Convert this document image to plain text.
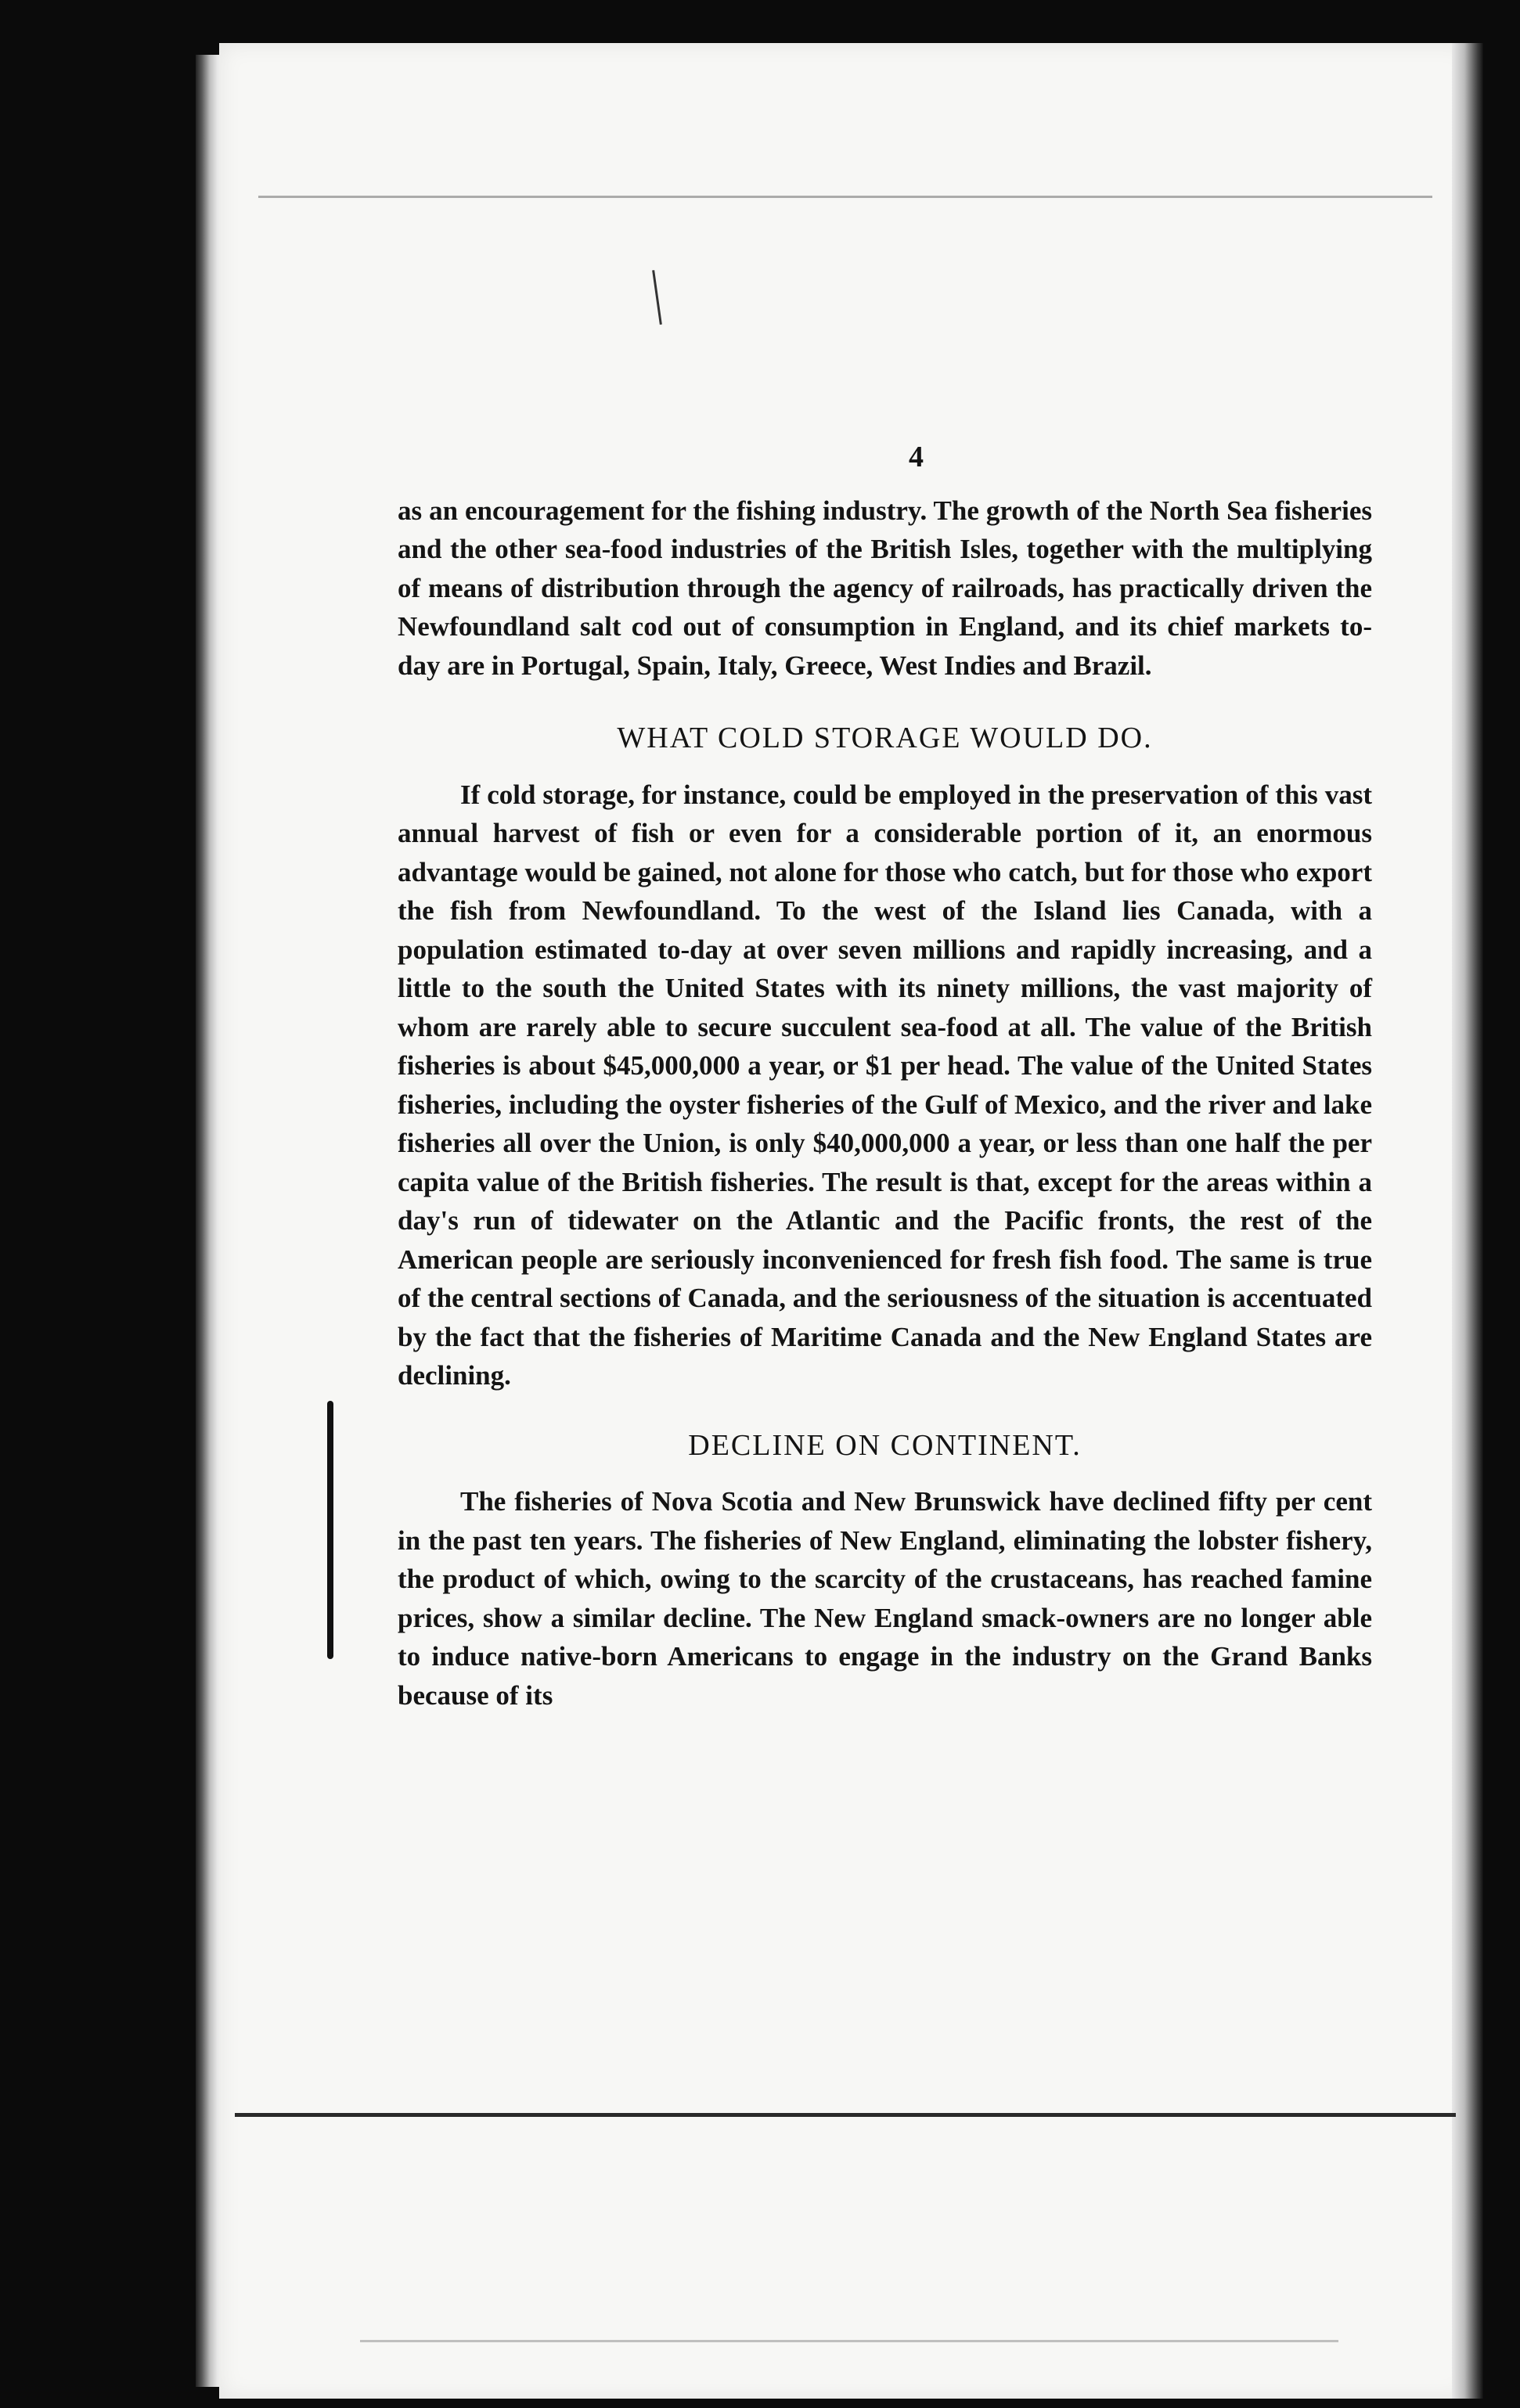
4

as an encouragement for the fishing industry. The growth of the North Sea fisheries and the other sea-food industries of the British Isles, together with the multiplying of means of distribution through the agency of railroads, has practically driven the Newfoundland salt cod out of consumption in England, and its chief markets to-day are in Portugal, Spain, Italy, Greece, West Indies and Brazil.

WHAT COLD STORAGE WOULD DO.

If cold storage, for instance, could be employed in the preservation of this vast annual harvest of fish or even for a considerable portion of it, an enormous advantage would be gained, not alone for those who catch, but for those who export the fish from Newfoundland. To the west of the Island lies Canada, with a population estimated to-day at over seven millions and rapidly increasing, and a little to the south the United States with its ninety millions, the vast majority of whom are rarely able to secure succulent sea-food at all. The value of the British fisheries is about $45,000,000 a year, or $1 per head. The value of the United States fisheries, including the oyster fisheries of the Gulf of Mexico, and the river and lake fisheries all over the Union, is only $40,000,000 a year, or less than one half the per capita value of the British fisheries. The result is that, except for the areas within a day's run of tidewater on the Atlantic and the Pacific fronts, the rest of the American people are seriously inconvenienced for fresh fish food. The same is true of the central sections of Canada, and the seriousness of the situation is accentuated by the fact that the fisheries of Maritime Canada and the New England States are declining.

DECLINE ON CONTINENT.

The fisheries of Nova Scotia and New Brunswick have declined fifty per cent in the past ten years. The fisheries of New England, eliminating the lobster fishery, the product of which, owing to the scarcity of the crustaceans, has reached famine prices, show a similar decline. The New England smack-owners are no longer able to induce native-born Americans to engage in the industry on the Grand Banks because of its
